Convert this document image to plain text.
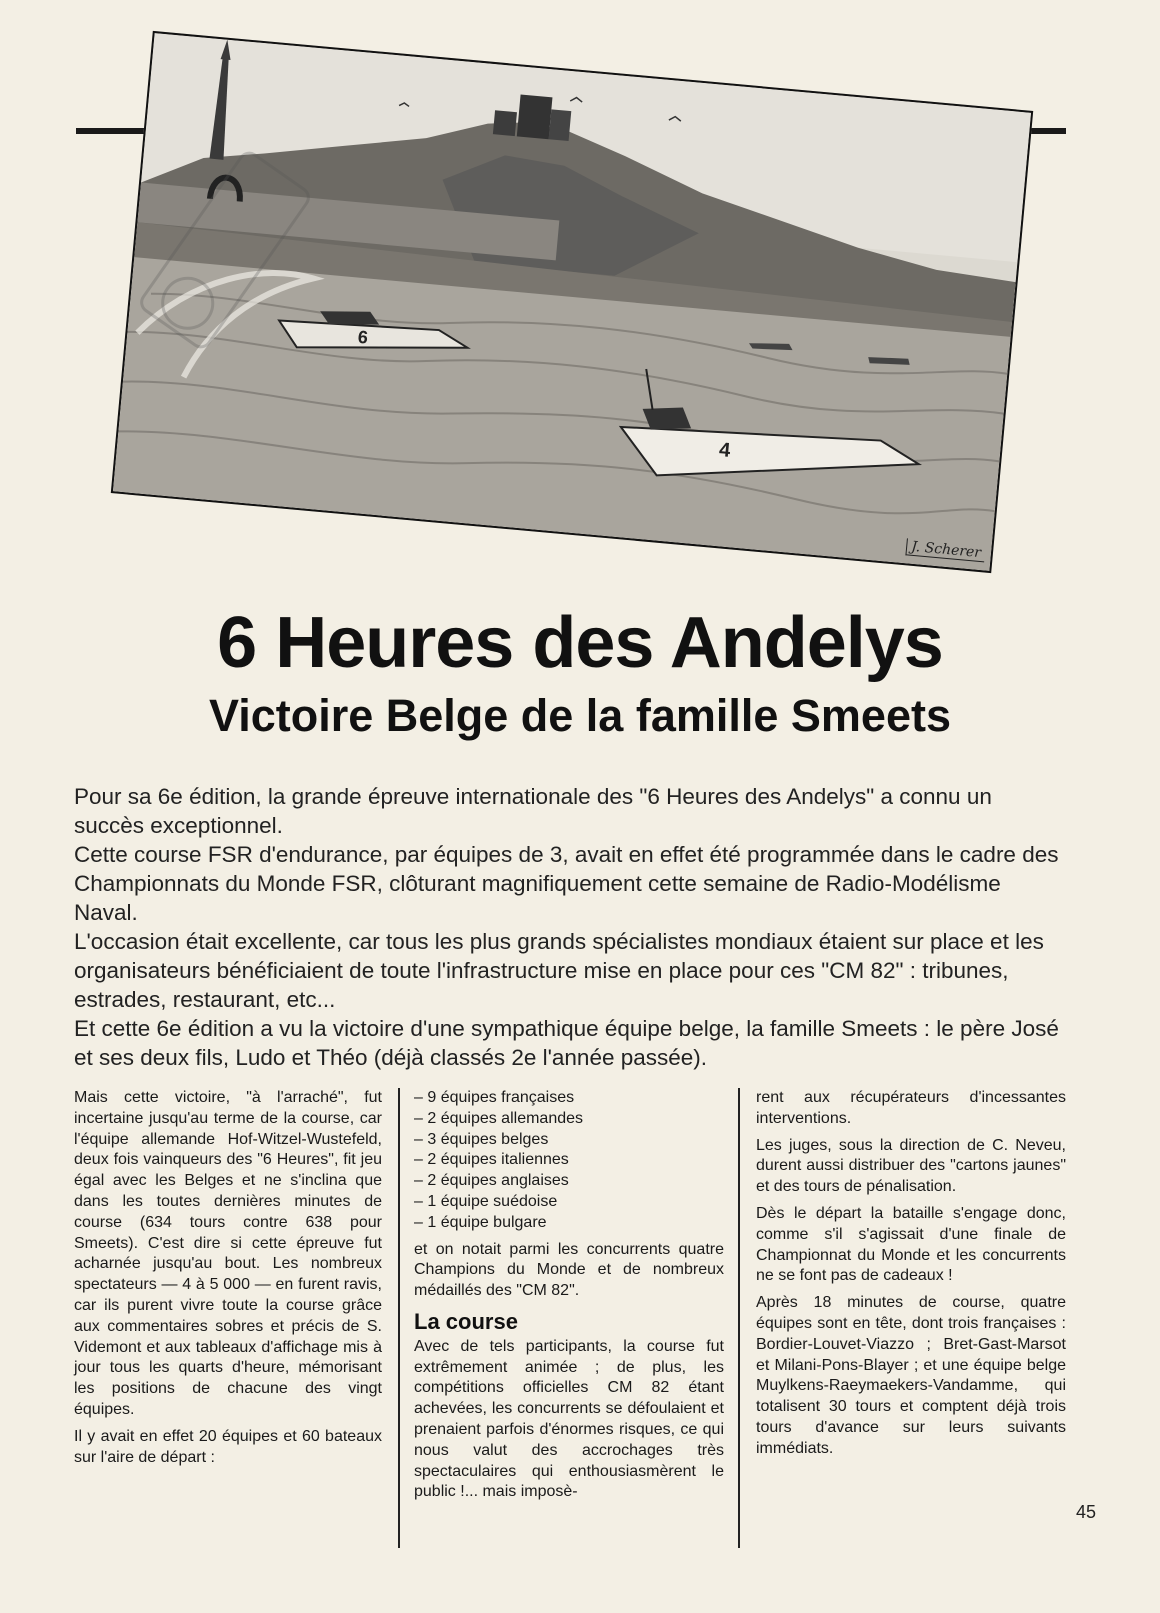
6
4
J. Scherer
6 Heures des Andelys
Victoire Belge de la famille Smeets

Pour sa 6e édition, la grande épreuve internationale des "6 Heures des Andelys" a connu un succès exceptionnel.

Cette course FSR d'endurance, par équipes de 3, avait en effet été programmée dans le cadre des Championnats du Monde FSR, clôturant magnifiquement cette semaine de Radio-Modélisme Naval.

L'occasion était excellente, car tous les plus grands spécialistes mondiaux étaient sur place et les organisateurs bénéficiaient de toute l'infrastructure mise en place pour ces "CM 82" : tribunes, estrades, restaurant, etc...

Et cette 6e édition a vu la victoire d'une sympathique équipe belge, la famille Smeets : le père José et ses deux fils, Ludo et Théo (déjà classés 2e l'année passée).

Mais cette victoire, "à l'arraché", fut incertaine jusqu'au terme de la course, car l'équipe allemande Hof-Witzel-Wustefeld, deux fois vainqueurs des "6 Heures", fit jeu égal avec les Belges et ne s'inclina que dans les toutes dernières minutes de course (634 tours contre 638 pour Smeets). C'est dire si cette épreuve fut acharnée jusqu'au bout. Les nombreux spectateurs — 4 à 5 000 — en furent ravis, car ils purent vivre toute la course grâce aux commentaires sobres et précis de S. Videmont et aux tableaux d'affichage mis à jour tous les quarts d'heure, mémorisant les positions de chacune des vingt équipes.

Il y avait en effet 20 équipes et 60 bateaux sur l'aire de départ :

– 9 équipes françaises
– 2 équipes allemandes
– 3 équipes belges
– 2 équipes italiennes
– 2 équipes anglaises
– 1 équipe suédoise
– 1 équipe bulgare

et on notait parmi les concurrents quatre Champions du Monde et de nombreux médaillés des "CM 82".

La course

Avec de tels participants, la course fut extrêmement animée ; de plus, les compétitions officielles CM 82 étant achevées, les concurrents se défoulaient et prenaient parfois d'énormes risques, ce qui nous valut des accrochages très spectaculaires qui enthousiasmèrent le public !... mais imposè-

rent aux récupérateurs d'incessantes interventions.

Les juges, sous la direction de C. Neveu, durent aussi distribuer des "cartons jaunes" et des tours de pénalisation.

Dès le départ la bataille s'engage donc, comme s'il s'agissait d'une finale de Championnat du Monde et les concurrents ne se font pas de cadeaux !

Après 18 minutes de course, quatre équipes sont en tête, dont trois françaises : Bordier-Louvet-Viazzo ; Bret-Gast-Marsot et Milani-Pons-Blayer ; et une équipe belge Muylkens-Raeymaekers-Vandamme, qui totalisent 30 tours et comptent déjà trois tours d'avance sur leurs suivants immédiats.

45
